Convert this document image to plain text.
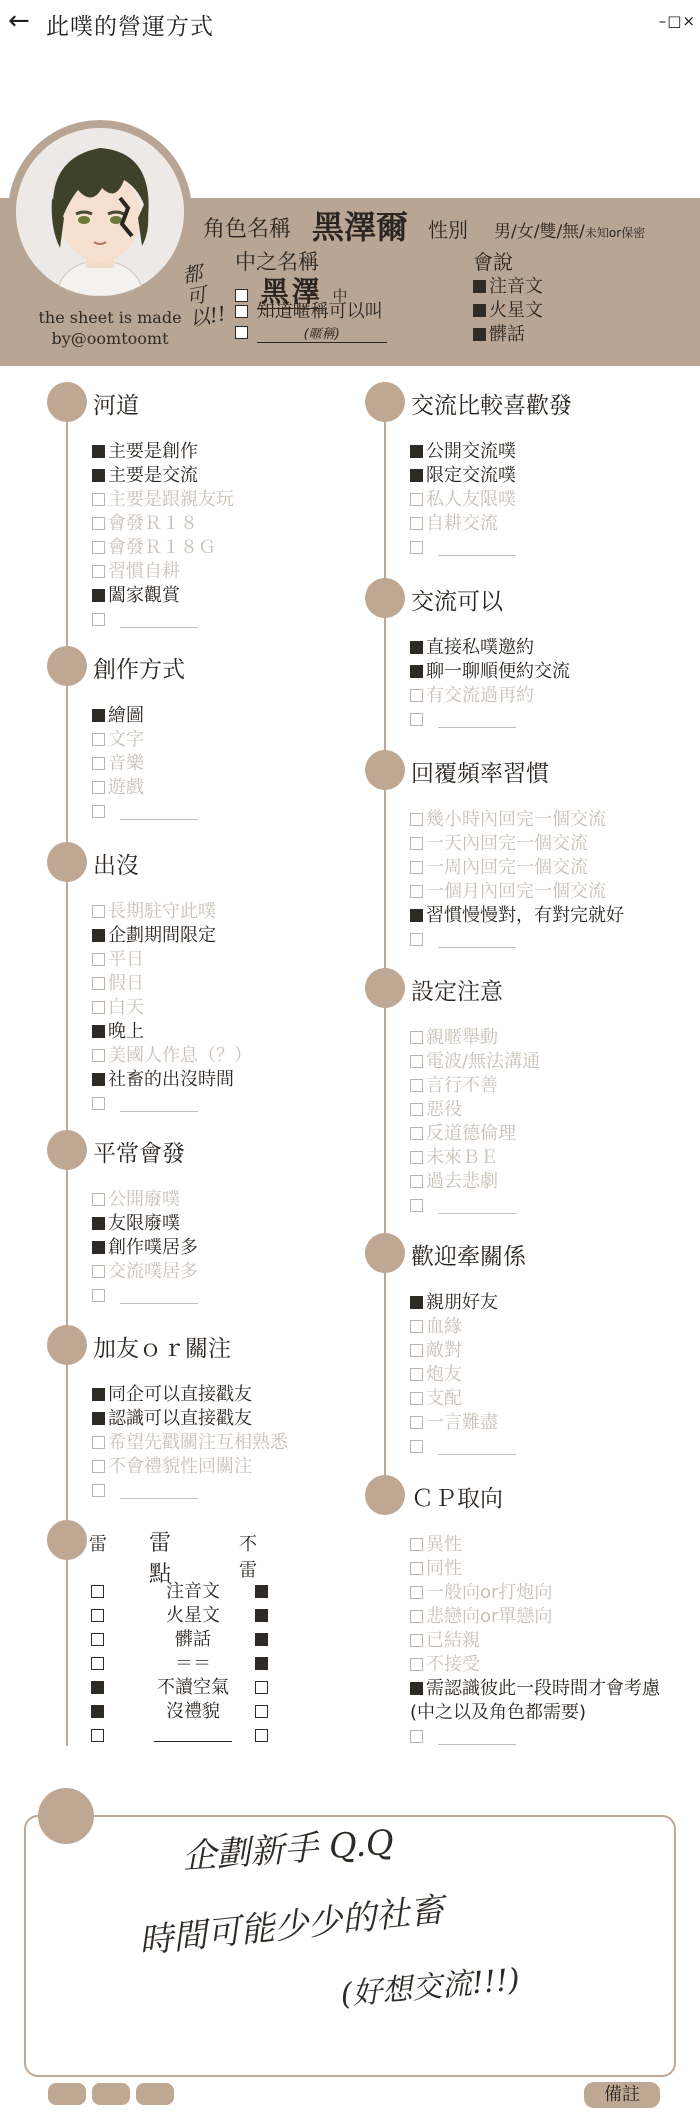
← 此噗的營運方式	–□×
the sheet is made by@oomtoomt
角色名稱 黑澤爾 性別 男/女/雙/無/未知or保密
中之名稱
黑澤 中
知道暱稱可以叫
(暱稱)
都可以!!
會說
注音文
火星文
髒話
河道
主要是創作
主要是交流
主要是跟親友玩
會發Ｒ１８
會發Ｒ１８Ｇ
習慣自耕
闔家觀賞
創作方式
繪圖
文字
音樂
遊戲
出沒
長期駐守此噗
企劃期間限定
平日
假日
白天
晚上
美國人作息（？）
社畜的出沒時間
平常會發
公開廢噗
友限廢噗
創作噗居多
交流噗居多
加友ｏｒ關注
同企可以直接戳友
認識可以直接戳友
希望先戳關注互相熟悉
不會禮貌性回關注
交流比較喜歡發
公開交流噗
限定交流噗
私人友限噗
自耕交流
交流可以
直接私噗邀約
聊一聊順便約交流
有交流過再約
回覆頻率習慣
幾小時內回完一個交流
一天內回完一個交流
一周內回完一個交流
一個月內回完一個交流
習慣慢慢對，有對完就好
設定注意
親暱舉動
電波/無法溝通
言行不善
惡役
反道德倫理
未來ＢＥ
過去悲劇
歡迎牽關係
親朋好友
血緣
敵對
炮友
支配
一言難盡
ＣＰ取向
異性
同性
一般向or打炮向
悲戀向or單戀向
已結親
不接受
需認識彼此一段時間才會考慮
(中之以及角色都需要)
雷 雷點
不雷
注音文
火星文
髒話
＝＝
不讀空氣
沒禮貌
企劃新手 Q.Q
時間可能少少的社畜
(好想交流!!!)
備註
